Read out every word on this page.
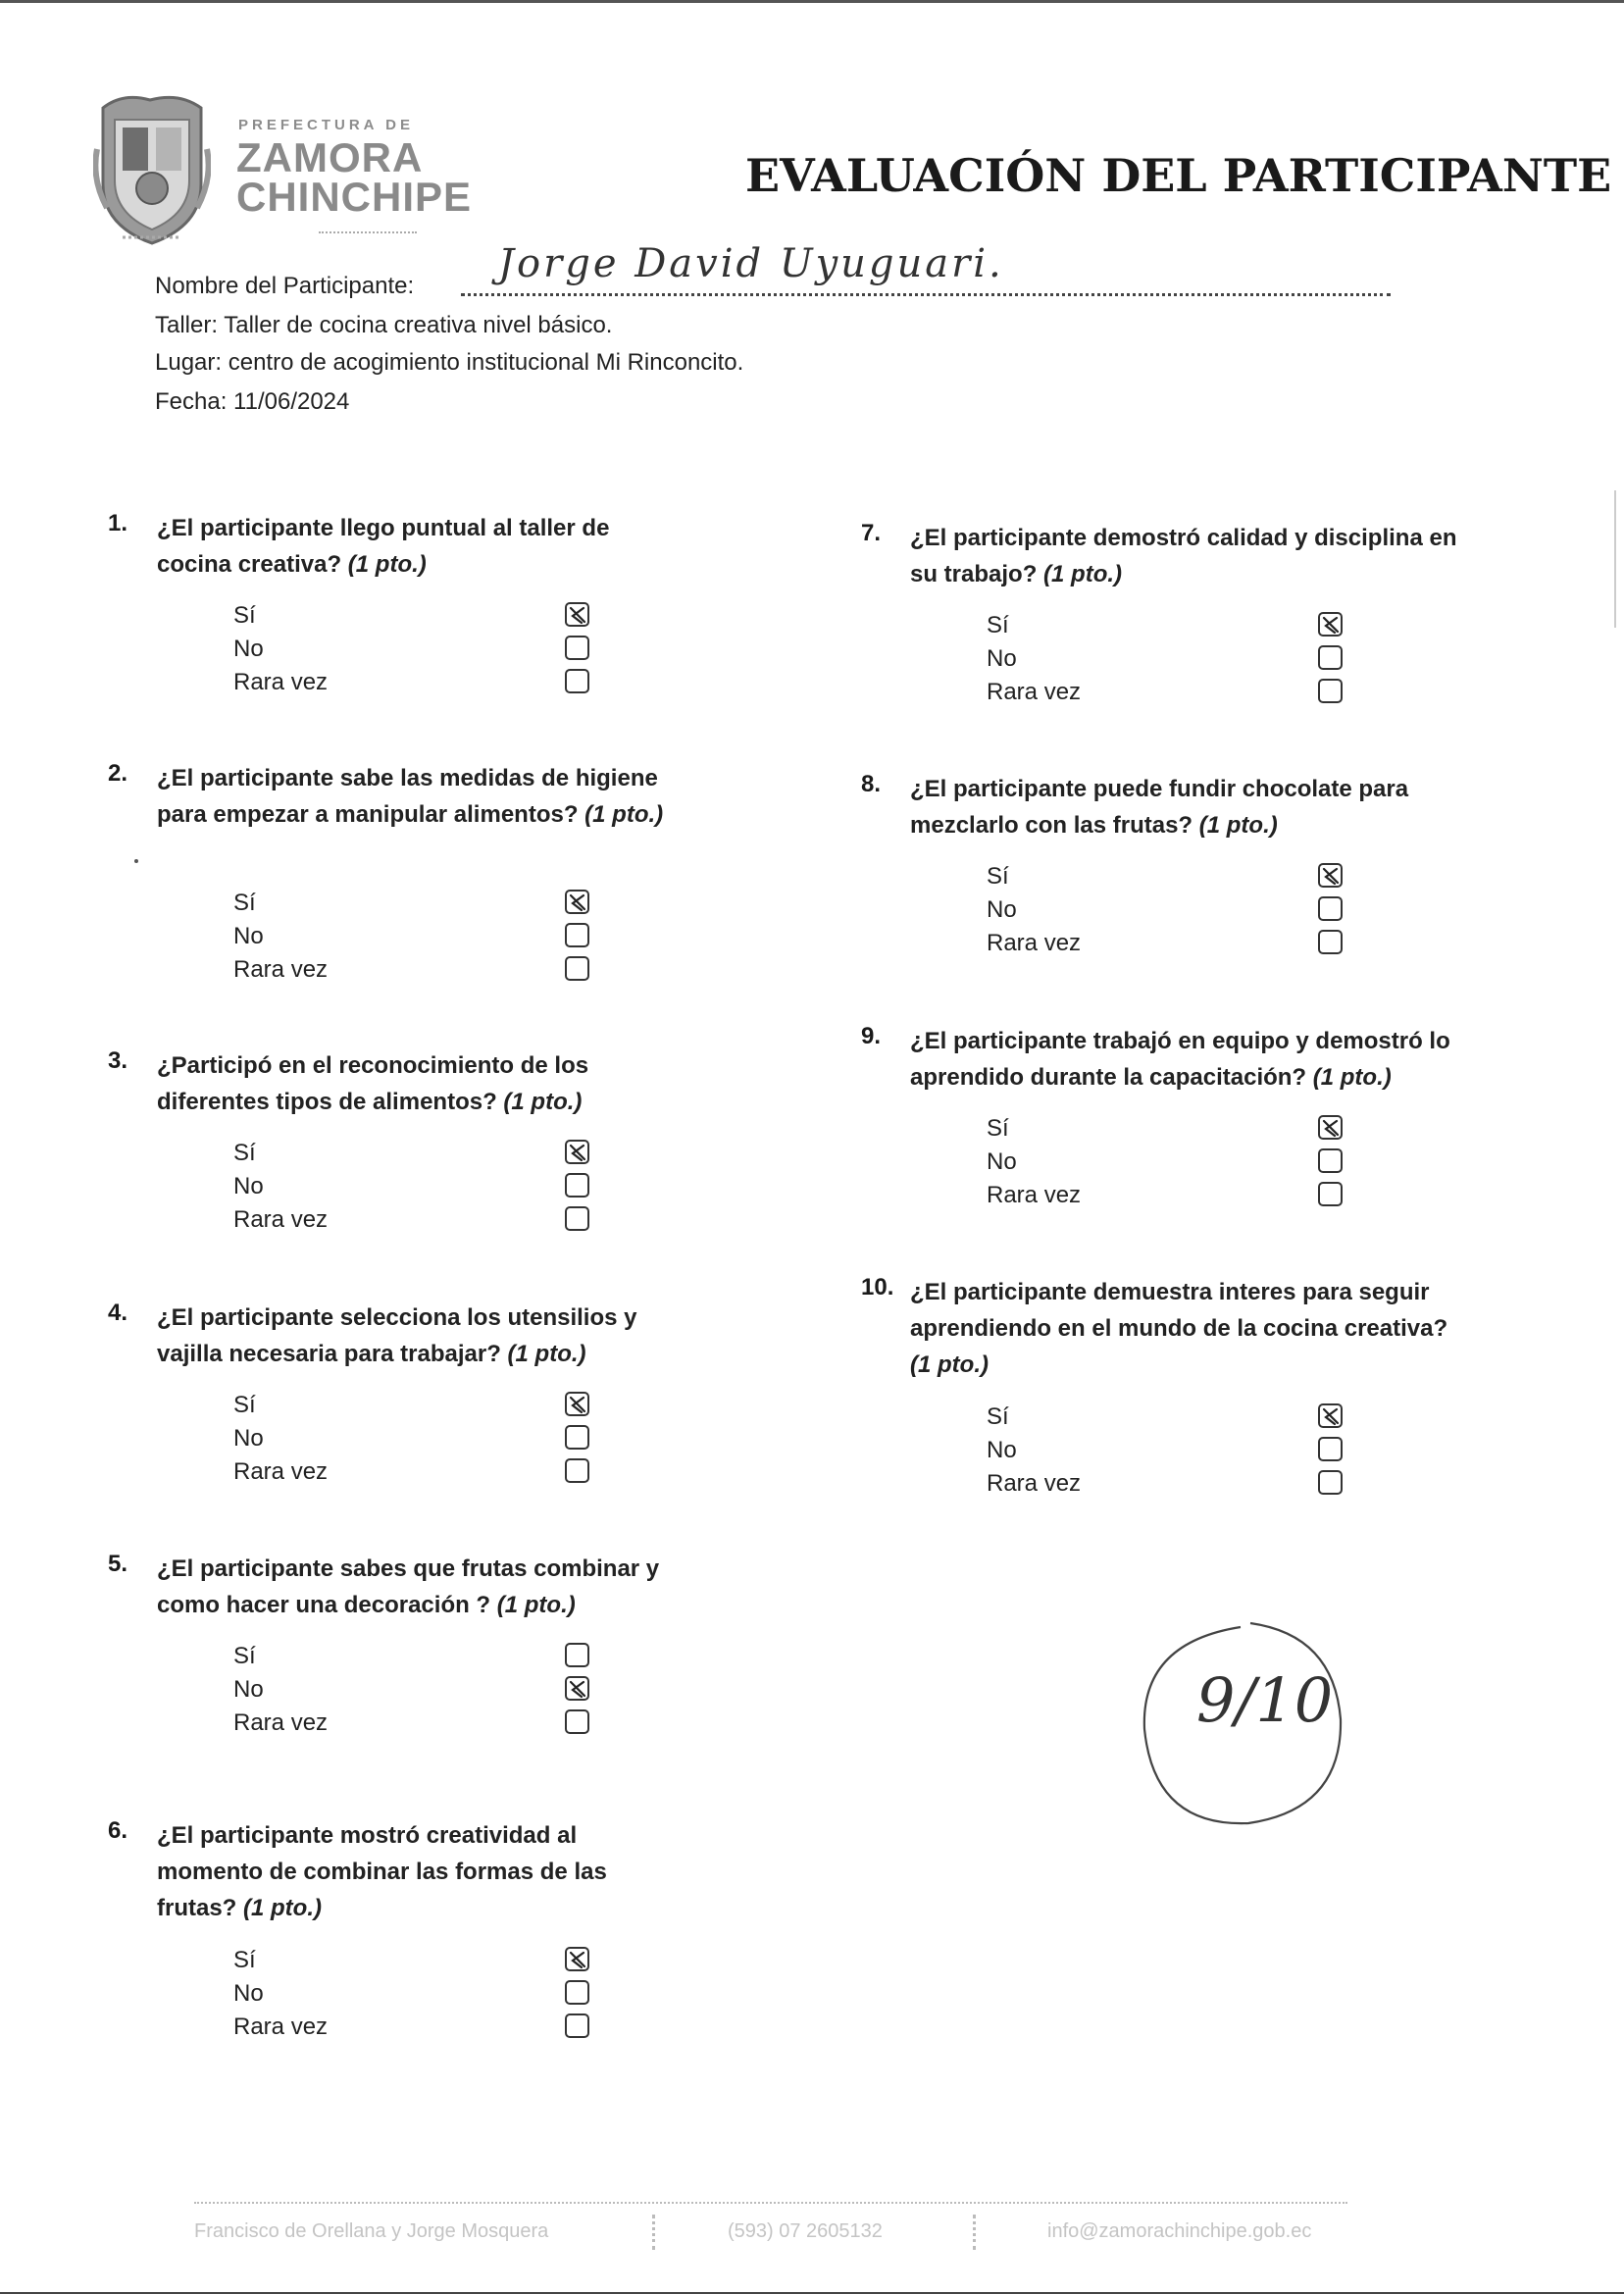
PREFECTURA DE
ZAMORA
CHINCHIPE	EVALUACIÓN DEL PARTICIPANTE
Nombre del Participante: Jorge David Uyuguari.
Taller: Taller de cocina creativa nivel básico.
Lugar: centro de acogimiento institucional Mi Rinconcito.
Fecha: 11/06/2024
1. ¿El participante llego puntual al taller de
cocina creativa? (1 pto.)
Sí
No
Rara vez
2. ¿El participante sabe las medidas de higiene
para empezar a manipular alimentos? (1 pto.)
Sí
No
Rara vez
3. ¿Participó en el reconocimiento de los
diferentes tipos de alimentos? (1 pto.)
Sí
No
Rara vez
4. ¿El participante selecciona los utensilios y
vajilla necesaria para trabajar? (1 pto.)
Sí
No
Rara vez
5. ¿El participante sabes que frutas combinar y
como hacer una decoración ? (1 pto.)
Sí
No
Rara vez
6. ¿El participante mostró creatividad al
momento de combinar las formas de las
frutas? (1 pto.)
Sí
No
Rara vez
7. ¿El participante demostró calidad y disciplina en
su trabajo? (1 pto.)
Sí
No
Rara vez
8. ¿El participante puede fundir chocolate para
mezclarlo con las frutas? (1 pto.)
Sí
No
Rara vez
9. ¿El participante trabajó en equipo y demostró lo
aprendido durante la capacitación? (1 pto.)
Sí
No
Rara vez
10. ¿El participante demuestra interes para seguir
aprendiendo en el mundo de la cocina creativa?
(1 pto.)
Sí
No
Rara vez
9/10
Francisco de Orellana y Jorge Mosquera	(593) 07 2605132	info@zamorachinchipe.gob.ec
